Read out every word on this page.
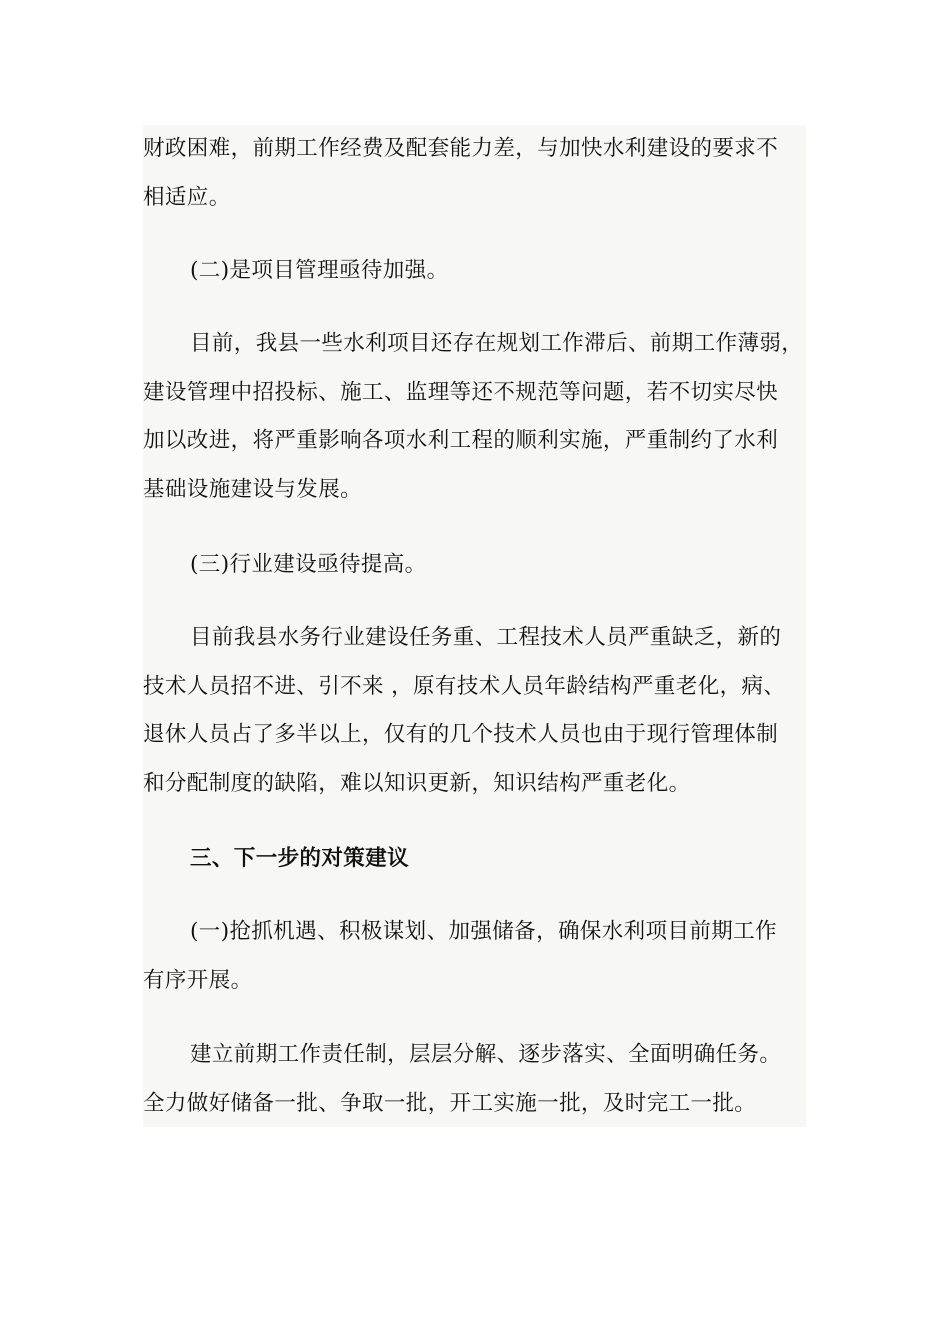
财政困难，前期工作经费及配套能力差，与加快水利建设的要求不
相适应。

(二)是项目管理亟待加强。

目前，我县一些水利项目还存在规划工作滞后、前期工作薄弱，
建设管理中招投标、施工、监理等还不规范等问题，若不切实尽快
加以改进，将严重影响各项水利工程的顺利实施，严重制约了水利
基础设施建设与发展。

(三)行业建设亟待提高。

目前我县水务行业建设任务重、工程技术人员严重缺乏，新的
技术人员招不进、引不来 ，原有技术人员年龄结构严重老化，病、
退休人员占了多半以上，仅有的几个技术人员也由于现行管理体制
和分配制度的缺陷，难以知识更新，知识结构严重老化。

三、下一步的对策建议

(一)抢抓机遇、积极谋划、加强储备，确保水利项目前期工作
有序开展。

建立前期工作责任制，层层分解、逐步落实、全面明确任务。
全力做好储备一批、争取一批，开工实施一批，及时完工一批。
